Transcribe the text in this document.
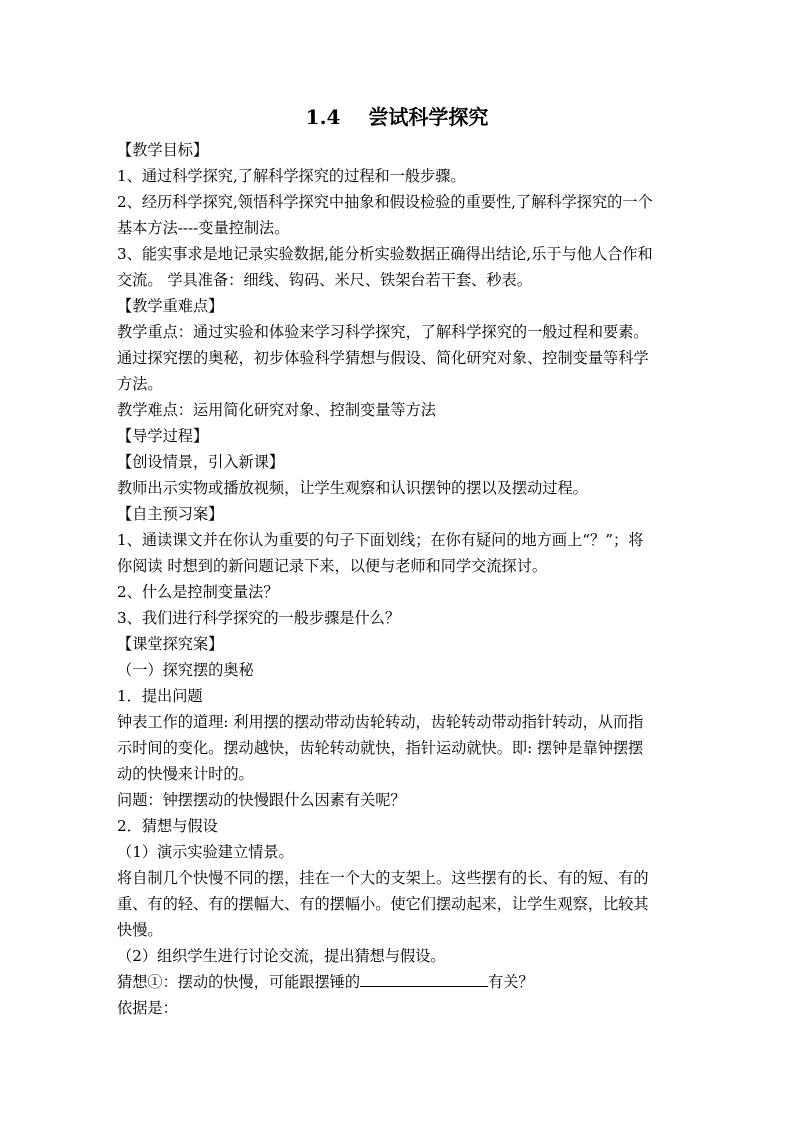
1.4    尝试科学探究
【教学目标】
1、通过科学探究,了解科学探究的过程和一般步骤。
2、经历科学探究,领悟科学探究中抽象和假设检验的重要性,了解科学探究的一个
基本方法----变量控制法。
3、能实事求是地记录实验数据,能分析实验数据正确得出结论,乐于与他人合作和
交流。 学具准备：细线、钩码、米尺、铁架台若干套、秒表。
【教学重难点】
教学重点：通过实验和体验来学习科学探究，了解科学探究的一般过程和要素。
通过探究摆的奥秘，初步体验科学猜想与假设、简化研究对象、控制变量等科学
方法。
教学难点：运用简化研究对象、控制变量等方法
【导学过程】
【创设情景，引入新课】
教师出示实物或播放视频，让学生观察和认识摆钟的摆以及摆动过程。
【自主预习案】
1、通读课文并在你认为重要的句子下面划线；在你有疑问的地方画上“？”；将
你阅读 时想到的新问题记录下来，以便与老师和同学交流探讨。
2、什么是控制变量法？
3、我们进行科学探究的一般步骤是什么？
【课堂探究案】
（一）探究摆的奥秘
1．提出问题
钟表工作的道理: 利用摆的摆动带动齿轮转动，齿轮转动带动指针转动，从而指
示时间的变化。摆动越快，齿轮转动就快，指针运动就快。即: 摆钟是靠钟摆摆
动的快慢来计时的。
问题：钟摆摆动的快慢跟什么因素有关呢？
2．猜想与假设
（1）演示实验建立情景。
将自制几个快慢不同的摆，挂在一个大的支架上。这些摆有的长、有的短、有的
重、有的轻、有的摆幅大、有的摆幅小。使它们摆动起来，让学生观察，比较其
快慢。
（2）组织学生进行讨论交流，提出猜想与假设。
猜想①：摆动的快慢，可能跟摆锤的	有关？
依据是：
